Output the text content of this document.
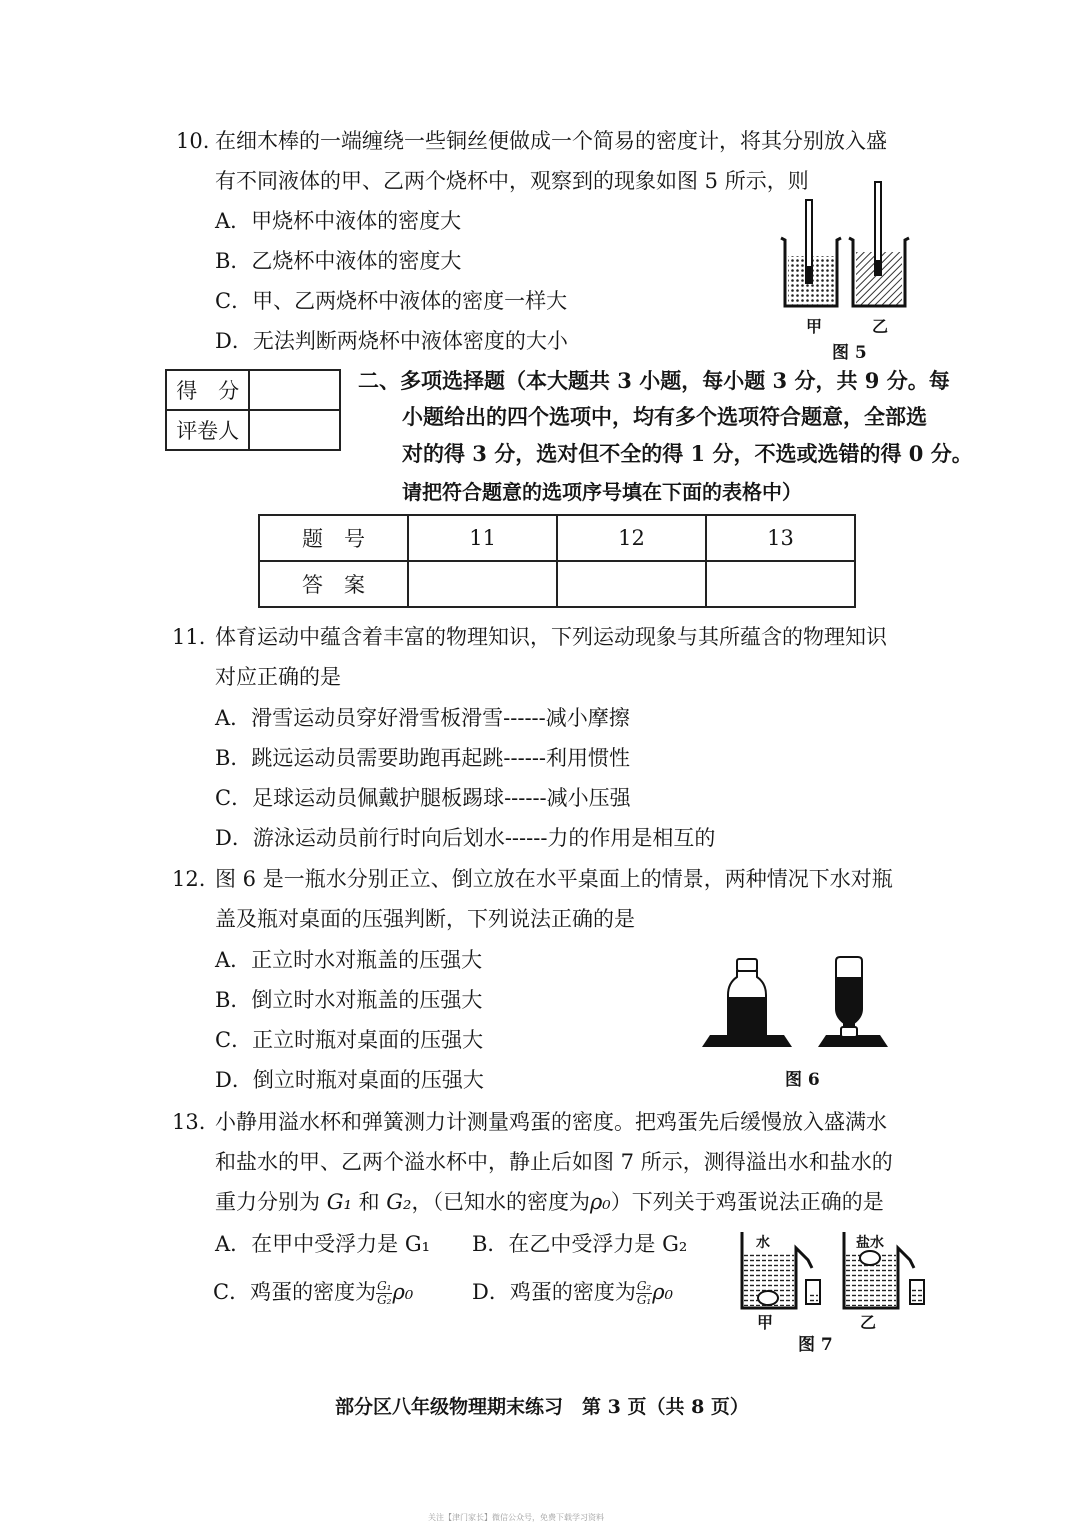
10. 在细木棒的一端缠绕一些铜丝便做成一个简易的密度计，将其分别放入盛
有不同液体的甲、乙两个烧杯中，观察到的现象如图 5 所示，则
A．甲烧杯中液体的密度大
B．乙烧杯中液体的密度大
C．甲、乙两烧杯中液体的密度一样大
D．无法判断两烧杯中液体密度的大小
甲	乙
图 5
得　分	
评卷人	
二、多项选择题（本大题共 3 小题，每小题 3 分，共 9 分。每
小题给出的四个选项中，均有多个选项符合题意，全部选
对的得 3 分，选对但不全的得 1 分，不选或选错的得 0 分。
请把符合题意的选项序号填在下面的表格中）
题　号	11	12	13
答　案			
11. 体育运动中蕴含着丰富的物理知识，下列运动现象与其所蕴含的物理知识
对应正确的是
A．滑雪运动员穿好滑雪板滑雪------减小摩擦
B．跳远运动员需要助跑再起跳------利用惯性
C．足球运动员佩戴护腿板踢球------减小压强
D．游泳运动员前行时向后划水------力的作用是相互的
12. 图 6 是一瓶水分别正立、倒立放在水平桌面上的情景，两种情况下水对瓶
盖及瓶对桌面的压强判断，下列说法正确的是
A．正立时水对瓶盖的压强大
B．倒立时水对瓶盖的压强大
C．正立时瓶对桌面的压强大
D．倒立时瓶对桌面的压强大	图 6
13. 小静用溢水杯和弹簧测力计测量鸡蛋的密度。把鸡蛋先后缓慢放入盛满水
和盐水的甲、乙两个溢水杯中，静止后如图 7 所示，测得溢出水和盐水的
重力分别为 G₁ 和 G₂，（已知水的密度为ρ₀）下列关于鸡蛋说法正确的是
A．在甲中受浮力是 G₁ B．在乙中受浮力是 G₂
C．鸡蛋的密度为 $\frac{\text{G₁}}{\text{G₂}} \rho_0$	D．鸡蛋的密度为 $\frac{\text{G₂}}{\text{G₁}} \rho_0$
水	盐水
甲	乙
图 7
部分区八年级物理期末练习　第 3 页（共 8 页）
关注【津门家长】微信公众号，免费下载学习资料
